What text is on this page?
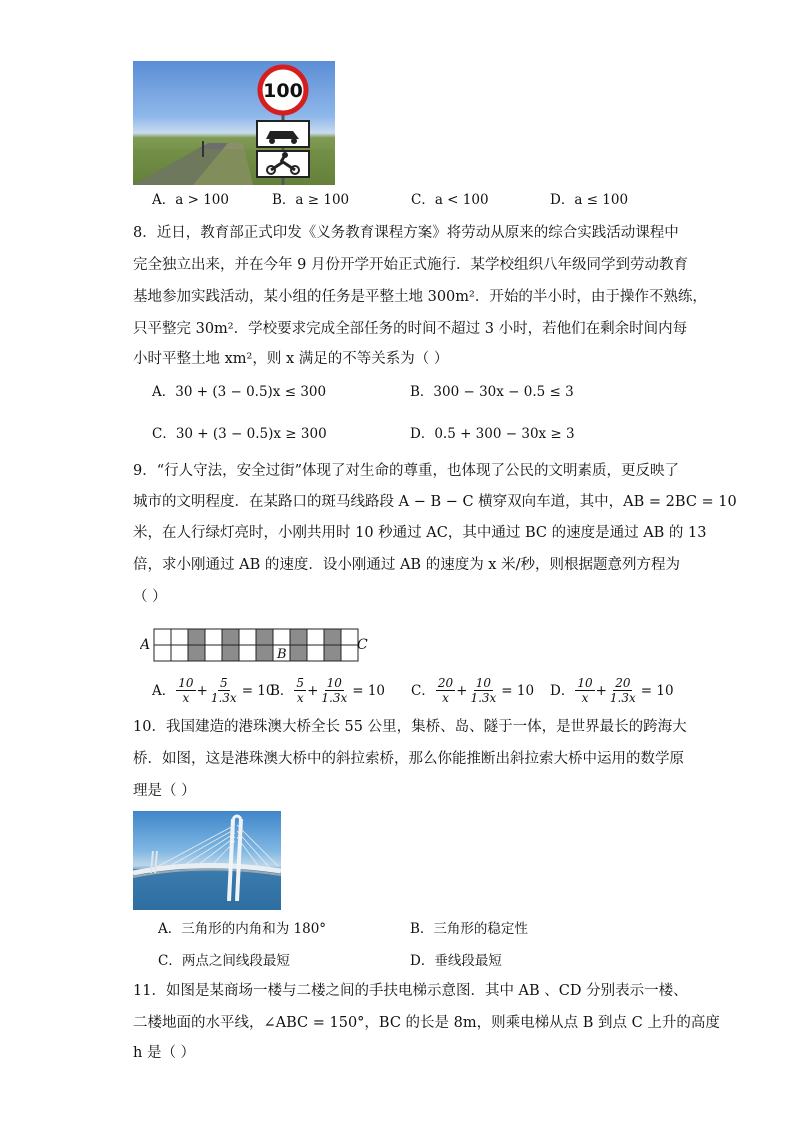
100
A．a > 100	B．a ≥ 100	C．a < 100	D．a ≤ 100
8．近日，教育部正式印发《义务教育课程方案》将劳动从原来的综合实践活动课程中
完全独立出来，并在今年 9 月份开学开始正式施行．某学校组织八年级同学到劳动教育
基地参加实践活动，某小组的任务是平整土地 300m²．开始的半小时，由于操作不熟练，
只平整完 30m²．学校要求完成全部任务的时间不超过 3 小时，若他们在剩余时间内每
小时平整土地 xm²，则 x 满足的不等关系为（ ）
A．30 + (3 − 0.5)x ≤ 300	B．300 − 30x − 0.5 ≤ 3
C．30 + (3 − 0.5)x ≥ 300	D．0.5 + 300 − 30x ≥ 3
9．“行人守法，安全过街”体现了对生命的尊重，也体现了公民的文明素质，更反映了
城市的文明程度．在某路口的斑马线路段 A − B − C 横穿双向车道，其中，AB = 2BC = 10
米，在人行绿灯亮时，小刚共用时 10 秒通过 AC，其中通过 BC 的速度是通过 AB 的 13
倍，求小刚通过 AB 的速度．设小刚通过 AB 的速度为 x 米/秒，则根据题意列方程为
（ ）
A	C
B
A． $\frac{10}{x} + \frac{5}{1.3x} = 10$
B． $\frac{5}{x} + \frac{10}{1.3x} = 10$ C． $\frac{20}{x} + \frac{10}{1.3x} = 10$ D． $\frac{10}{x} + \frac{20}{1.3x} = 10$
10．我国建造的港珠澳大桥全长 55 公里，集桥、岛、隧于一体，是世界最长的跨海大
桥．如图，这是港珠澳大桥中的斜拉索桥，那么你能推断出斜拉索大桥中运用的数学原
理是（ ）
A．三角形的内角和为 180°	B．三角形的稳定性
C．两点之间线段最短	D．垂线段最短
11．如图是某商场一楼与二楼之间的手扶电梯示意图．其中 AB 、CD 分别表示一楼、
二楼地面的水平线，∠ABC = 150°，BC 的长是 8m，则乘电梯从点 B 到点 C 上升的高度
h 是（ ）
